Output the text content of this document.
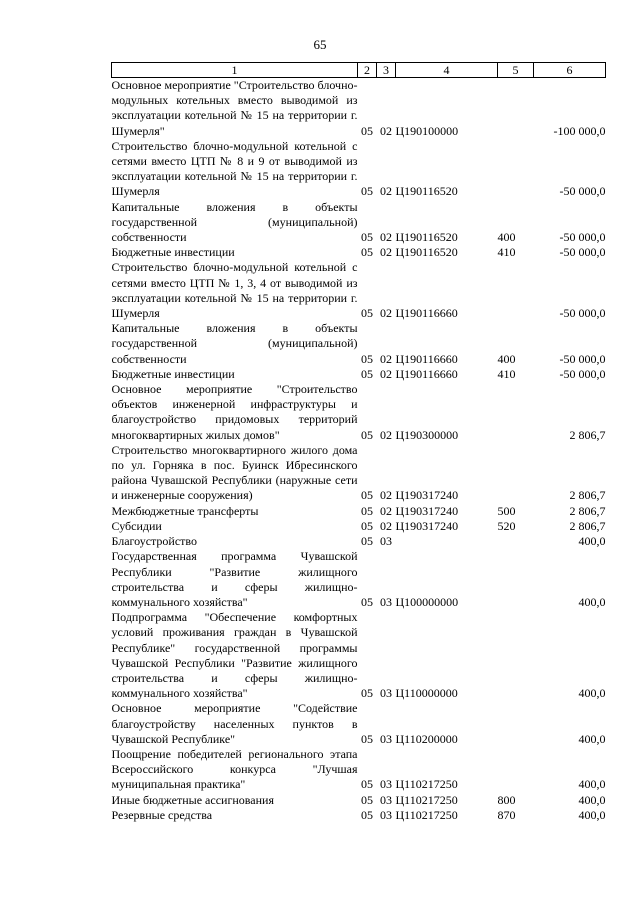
65
1	2	3	4	5	6
Основное мероприятие "Строительство блочно-модульных котельных вместо выводимой из эксплуатации котельной № 15 на территории г. Шумерля"	05	02	Ц190100000		-100 000,0
Строительство блочно-модульной котельной с сетями вместо ЦТП № 8 и 9 от выводимой из эксплуатации котельной № 15 на территории г. Шумерля	05	02	Ц190116520		-50 000,0
Капитальные вложения в объекты государственной (муниципальной) собственности	05	02	Ц190116520	400	-50 000,0
Бюджетные инвестиции	05	02	Ц190116520	410	-50 000,0
Строительство блочно-модульной котельной с сетями вместо ЦТП № 1, 3, 4 от выводимой из эксплуатации котельной № 15 на территории г. Шумерля	05	02	Ц190116660		-50 000,0
Капитальные вложения в объекты государственной (муниципальной) собственности	05	02	Ц190116660	400	-50 000,0
Бюджетные инвестиции	05	02	Ц190116660	410	-50 000,0
Основное мероприятие "Строительство объектов инженерной инфраструктуры и благоустройство придомовых территорий многоквартирных жилых домов"	05	02	Ц190300000		2 806,7
Строительство многоквартирного жилого дома по ул. Горняка в пос. Буинск Ибресинского района Чувашской Республики (наружные сети и инженерные сооружения)	05	02	Ц190317240		2 806,7
Межбюджетные трансферты	05	02	Ц190317240	500	2 806,7
Субсидии	05	02	Ц190317240	520	2 806,7
Благоустройство	05	03			400,0
Государственная программа Чувашской Республики "Развитие жилищного строительства и сферы жилищно-коммунального хозяйства"	05	03	Ц100000000		400,0
Подпрограмма "Обеспечение комфортных условий проживания граждан в Чувашской Республике" государственной программы Чувашской Республики "Развитие жилищного строительства и сферы жилищно-коммунального хозяйства"	05	03	Ц110000000		400,0
Основное мероприятие "Содействие благоустройству населенных пунктов в Чувашской Республике"	05	03	Ц110200000		400,0
Поощрение победителей регионального этапа Всероссийского конкурса "Лучшая муниципальная практика"	05	03	Ц110217250		400,0
Иные бюджетные ассигнования	05	03	Ц110217250	800	400,0
Резервные средства	05	03	Ц110217250	870	400,0
